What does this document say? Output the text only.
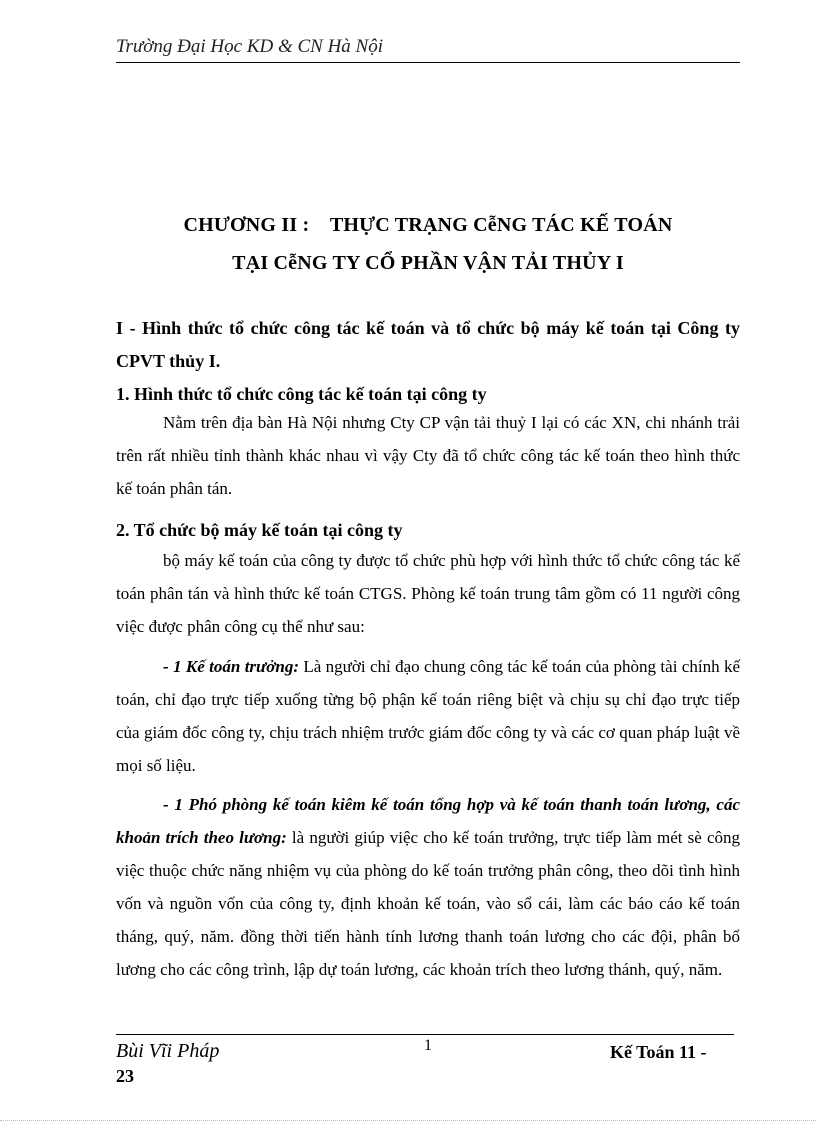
Trường Đại Học KD & CN Hà Nội
CHƯƠNG II :    THỰC TRẠNG CễNG TÁC KẾ TOÁN
TẠI CễNG TY CỔ PHẦN VẬN TẢI THỦY I
I - Hình thức tổ chức công tác kế toán và tổ chức bộ máy kế toán tại Công ty CPVT thủy I.
1. Hình thức tổ chức công tác kế toán tại công ty
Nằm trên địa bàn Hà Nội nhưng Cty CP vận tải thuỷ I lại có các XN, chi nhánh trải trên rất nhiều tỉnh thành khác nhau vì vậy Cty đã tổ chức công tác kế toán theo hình thức kế toán phân tán.
2. Tổ chức bộ máy kế toán tại công ty
bộ máy kế toán của công ty được tổ chức phù hợp với hình thức tổ chức công tác kế toán phân tán và hình thức kế toán CTGS. Phòng kế toán trung tâm gồm có 11 người công việc được phân công cụ thể như sau:
- 1 Kế toán trưởng: Là người chỉ đạo chung công tác kế toán của phòng tài chính kế toán, chỉ đạo trực tiếp xuống từng bộ phận kế toán riêng biệt và chịu sụ chỉ đạo trực tiếp của giám đốc công ty, chịu trách nhiệm trước giám đốc công ty và các cơ quan pháp luật về mọi số liệu.
- 1 Phó phòng kế toán kiêm kế toán tổng hợp và kế toán thanh toán lương, các khoản trích theo lương: là người giúp việc cho kế toán trưởng, trực tiếp làm mét sè công việc thuộc chức năng nhiệm vụ của phòng do kế toán trưởng phân công, theo dõi tình hình vốn và nguồn vốn của công ty, định khoản kế toán, vào sổ cái, làm các báo cáo kế toán tháng, quý, năm. đồng thời tiến hành tính lương thanh toán lương cho các đội, phân bổ lương cho các công trình, lập dự toán lương, các khoản trích theo lương thánh, quý, năm.
Bùi Vĩi Pháp	1	Kế Toán 11 -
23
